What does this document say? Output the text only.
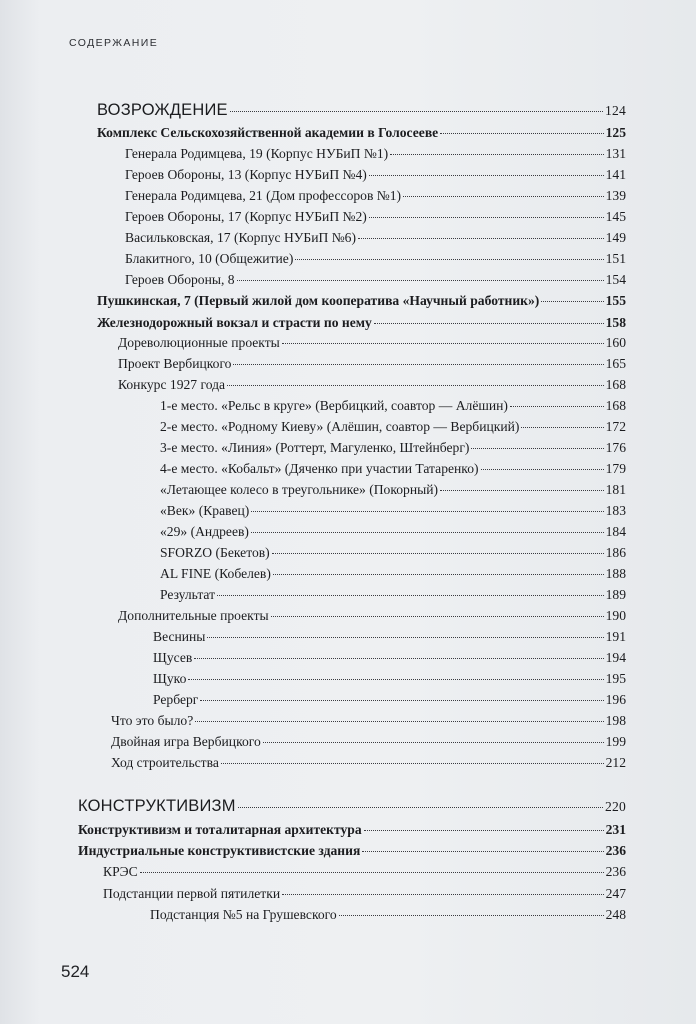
СОДЕРЖАНИЕ
ВОЗРОЖДЕНИЕ	124
Комплекс Сельскохозяйственной академии в Голосееве	125
Генерала Родимцева, 19 (Корпус НУБиП №1)	131
Героев Обороны, 13 (Корпус НУБиП №4)	141
Генерала Родимцева, 21 (Дом профессоров №1)	139
Героев Обороны, 17 (Корпус НУБиП №2)	145
Васильковская, 17 (Корпус НУБиП №6)	149
Блакитного, 10 (Общежитие)	151
Героев Обороны, 8	154
Пушкинская, 7 (Первый жилой дом кооператива «Научный работник»)	155
Железнодорожный вокзал и страсти по нему	158
Дореволюционные проекты	160
Проект Вербицкого	165
Конкурс 1927 года	168
1-е место. «Рельс в круге» (Вербицкий, соавтор — Алёшин)	168
2-е место. «Родному Киеву» (Алёшин, соавтор — Вербицкий)	172
3-е место. «Линия» (Роттерт, Магуленко, Штейнберг)	176
4-е место. «Кобальт» (Дяченко при участии Татаренко)	179
«Летающее колесо в треугольнике» (Покорный)	181
«Век» (Кравец)	183
«29» (Андреев)	184
SFORZO (Бекетов)	186
AL FINE (Кобелев)	188
Результат	189
Дополнительные проекты	190
Веснины	191
Щусев	194
Щуко	195
Рерберг	196
Что это было?	198
Двойная игра Вербицкого	199
Ход строительства	212
КОНСТРУКТИВИЗМ	220
Конструктивизм и тоталитарная архитектура	231
Индустриальные конструктивистские здания	236
КРЭС	236
Подстанции первой пятилетки	247
Подстанция №5 на Грушевского	248
524
